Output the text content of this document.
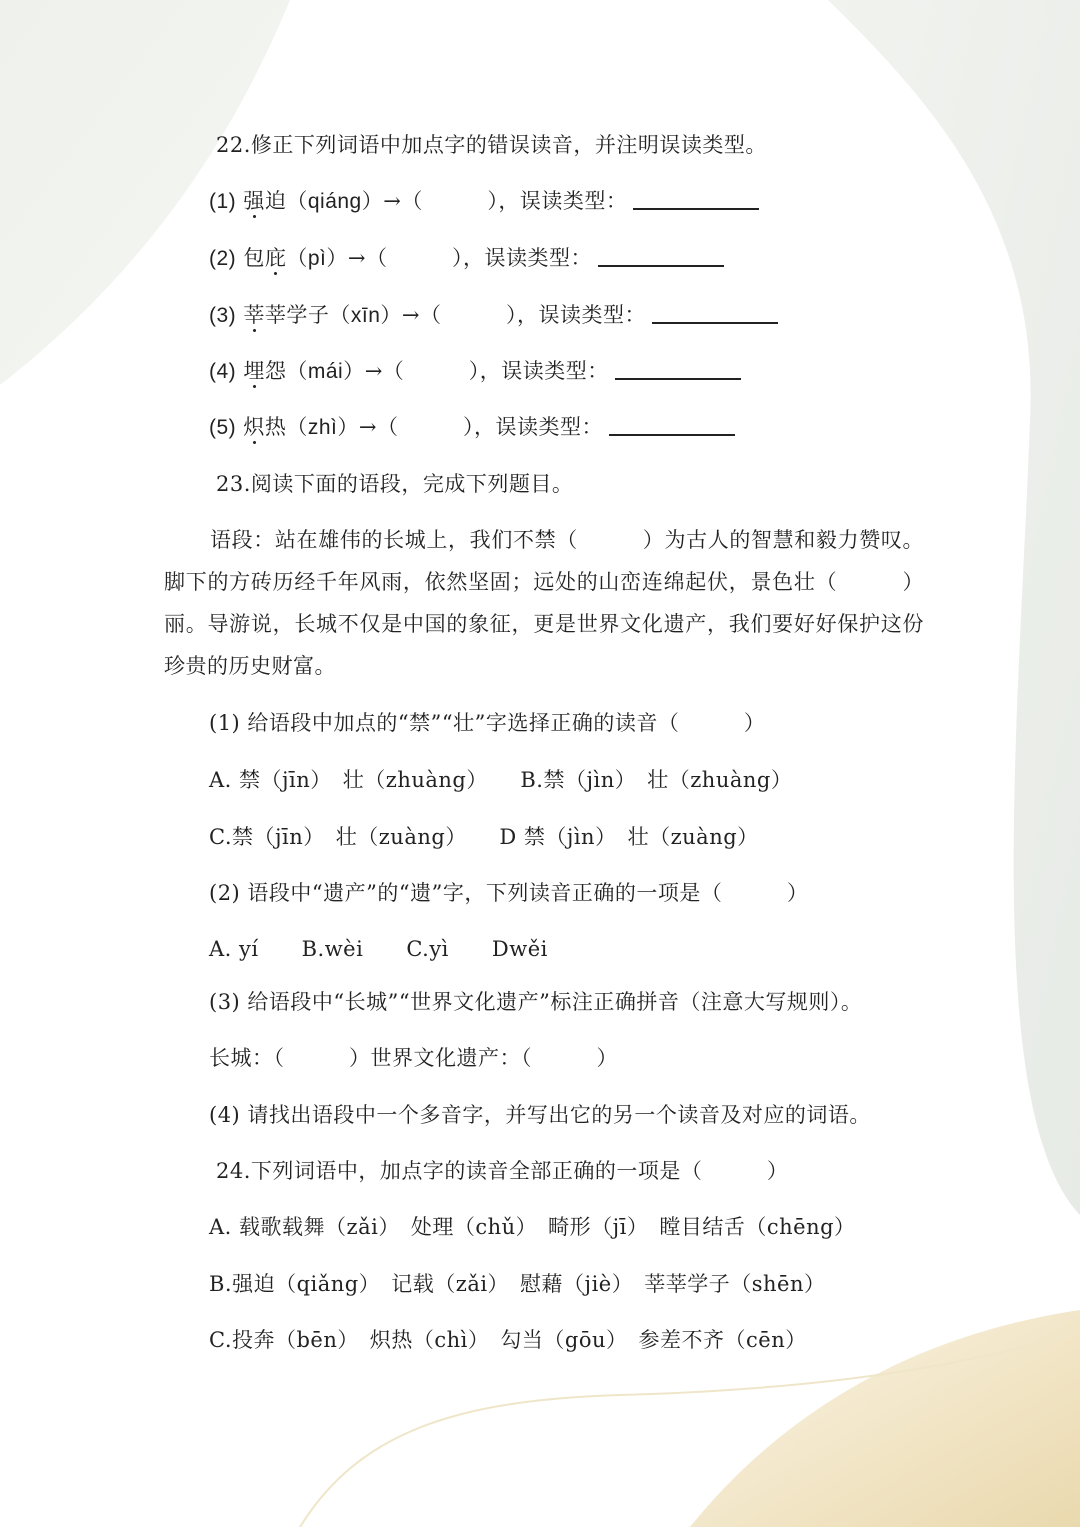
22.修正下列词语中加点字的错误读音，并注明误读类型。
(1) 强迫（qiáng）→（　　　），误读类型：
(2) 包庇（pì）→（　　　），误读类型：
(3) 莘莘学子（xīn）→（　　　），误读类型：
(4) 埋怨（mái）→（　　　），误读类型：
(5) 炽热（zhì）→（　　　），误读类型：
23.阅读下面的语段，完成下列题目。

语段：站在雄伟的长城上，我们不禁（　　　）为古人的智慧和毅力赞叹。脚下的方砖历经千年风雨，依然坚固；远处的山峦连绵起伏，景色壮（　　　）丽。导游说，长城不仅是中国的象征，更是世界文化遗产，我们要好好保护这份珍贵的历史财富。

(1) 给语段中加点的“禁”“壮”字选择正确的读音（　　　）
A. 禁（jīn）　壮（zhuàng）　　B.禁（jìn）　壮（zhuàng）
C.禁（jīn）　壮（zuàng）　　D 禁（jìn）　壮（zuàng）
(2) 语段中“遗产”的“遗”字，下列读音正确的一项是（　　　）
A. yí　　B.wèi　　C.yì　　Dwěi
(3) 给语段中“长城”“世界文化遗产”标注正确拼音（注意大写规则）。
长城：（　　　）世界文化遗产：（　　　）
(4) 请找出语段中一个多音字，并写出它的另一个读音及对应的词语。
24.下列词语中，加点字的读音全部正确的一项是（　　　）
A. 载歌载舞（zǎi）　处理（chǔ）　畸形（jī）　瞠目结舌（chēng）
B.强迫（qiǎng）　记载（zǎi）　慰藉（jiè）　莘莘学子（shēn）
C.投奔（bēn）　炽热（chì）　勾当（gōu）　参差不齐（cēn）
